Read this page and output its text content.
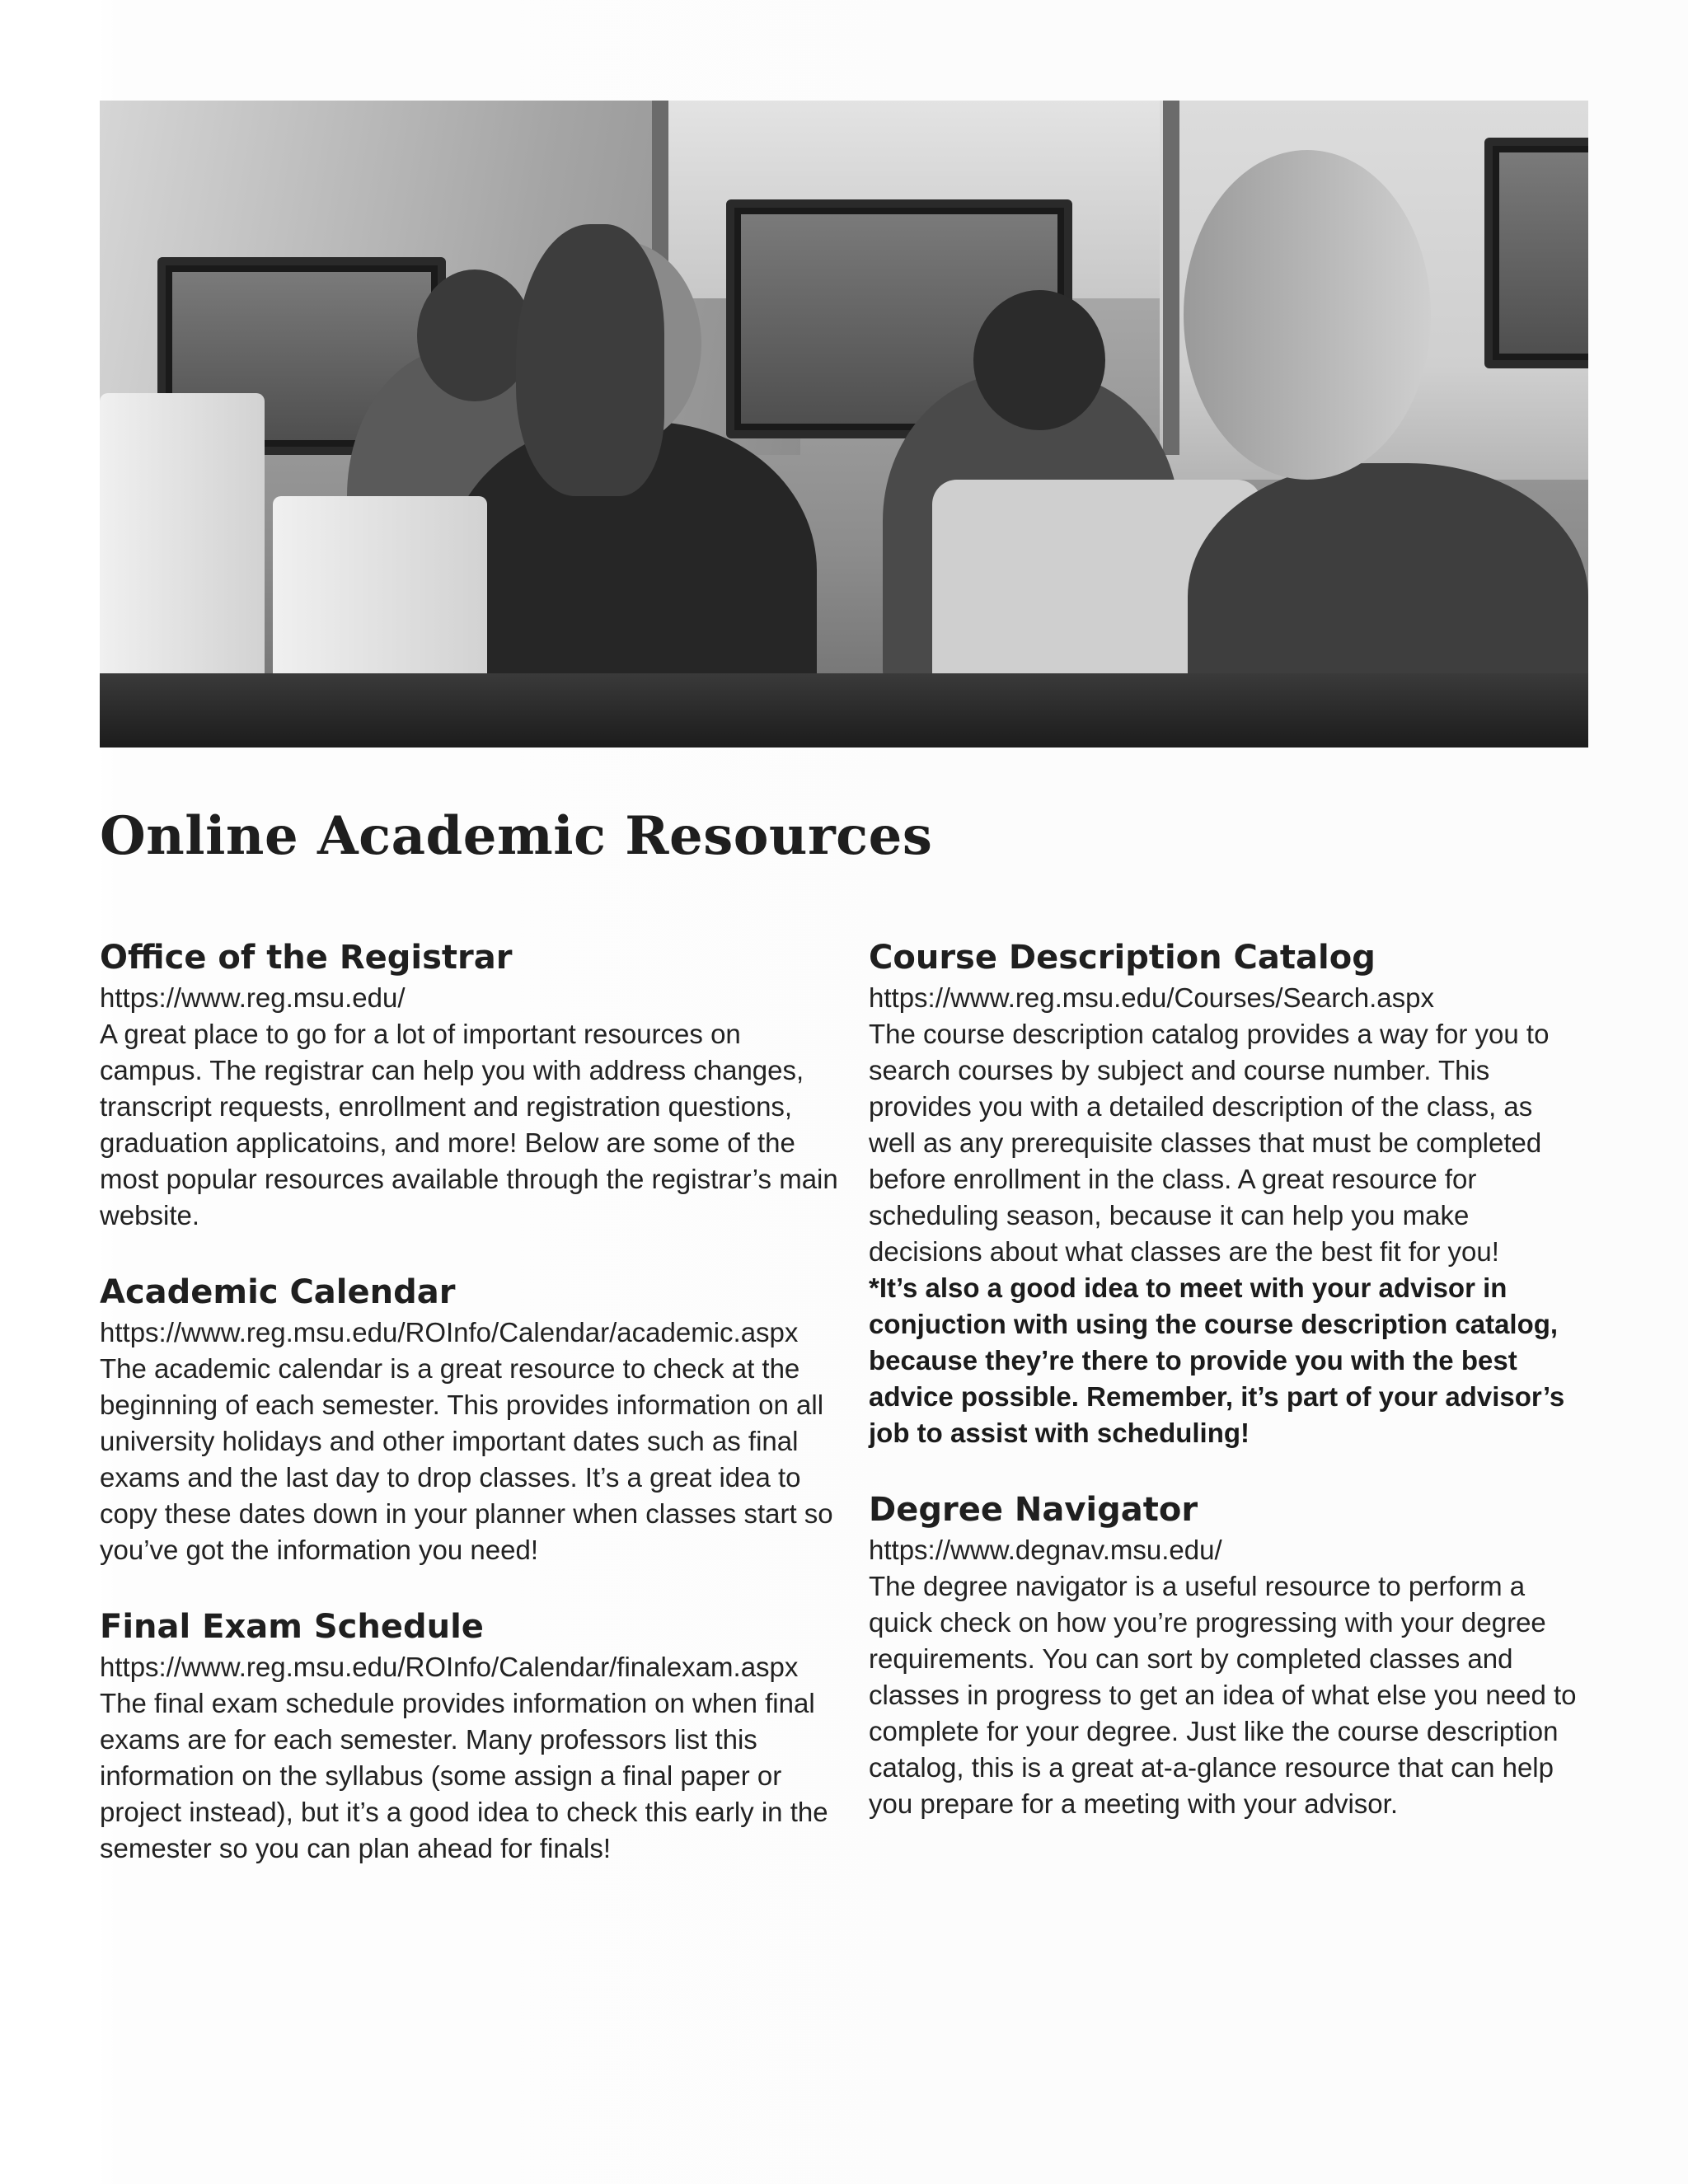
Online Academic Resources
Office of the Registrar

https://www.reg.msu.edu/

A great place to go for a lot of important resources on campus. The registrar can help you with address changes, transcript requests, enrollment and registration questions, graduation applicatoins, and more! Below are some of the most popular resources available through the registrar’s main website.

Academic Calendar

https://www.reg.msu.edu/ROInfo/Calendar/academic.aspx

The academic calendar is a great resource to check at the beginning of each semester. This provides information on all university holidays and other important dates such as final exams and the last day to drop classes. It’s a great idea to copy these dates down in your planner when classes start so you’ve got the information you need!

Final Exam Schedule

https://www.reg.msu.edu/ROInfo/Calendar/finalexam.aspx

The final exam schedule provides information on when final exams are for each semester. Many professors list this information on the syllabus (some assign a final paper or project instead), but it’s a good idea to check this early in the semester so you can plan ahead for finals!

Course Description Catalog

https://www.reg.msu.edu/Courses/Search.aspx

The course description catalog provides a way for you to search courses by subject and course number. This provides you with a detailed description of the class, as well as any prerequisite classes that must be completed before enrollment in the class. A great resource for scheduling season, because it can help you make decisions about what classes are the best fit for you!

*It’s also a good idea to meet with your advisor in conjuction with using the course description catalog, because they’re there to provide you with the best advice possible. Remember, it’s part of your advisor’s job to assist with scheduling!

Degree Navigator

https://www.degnav.msu.edu/

The degree navigator is a useful resource to perform a quick check on how you’re progressing with your degree requirements. You can sort by completed classes and classes in progress to get an idea of what else you need to complete for your degree. Just like the course description catalog, this is a great at-a-glance resource that can help you prepare for a meeting with your advisor.
